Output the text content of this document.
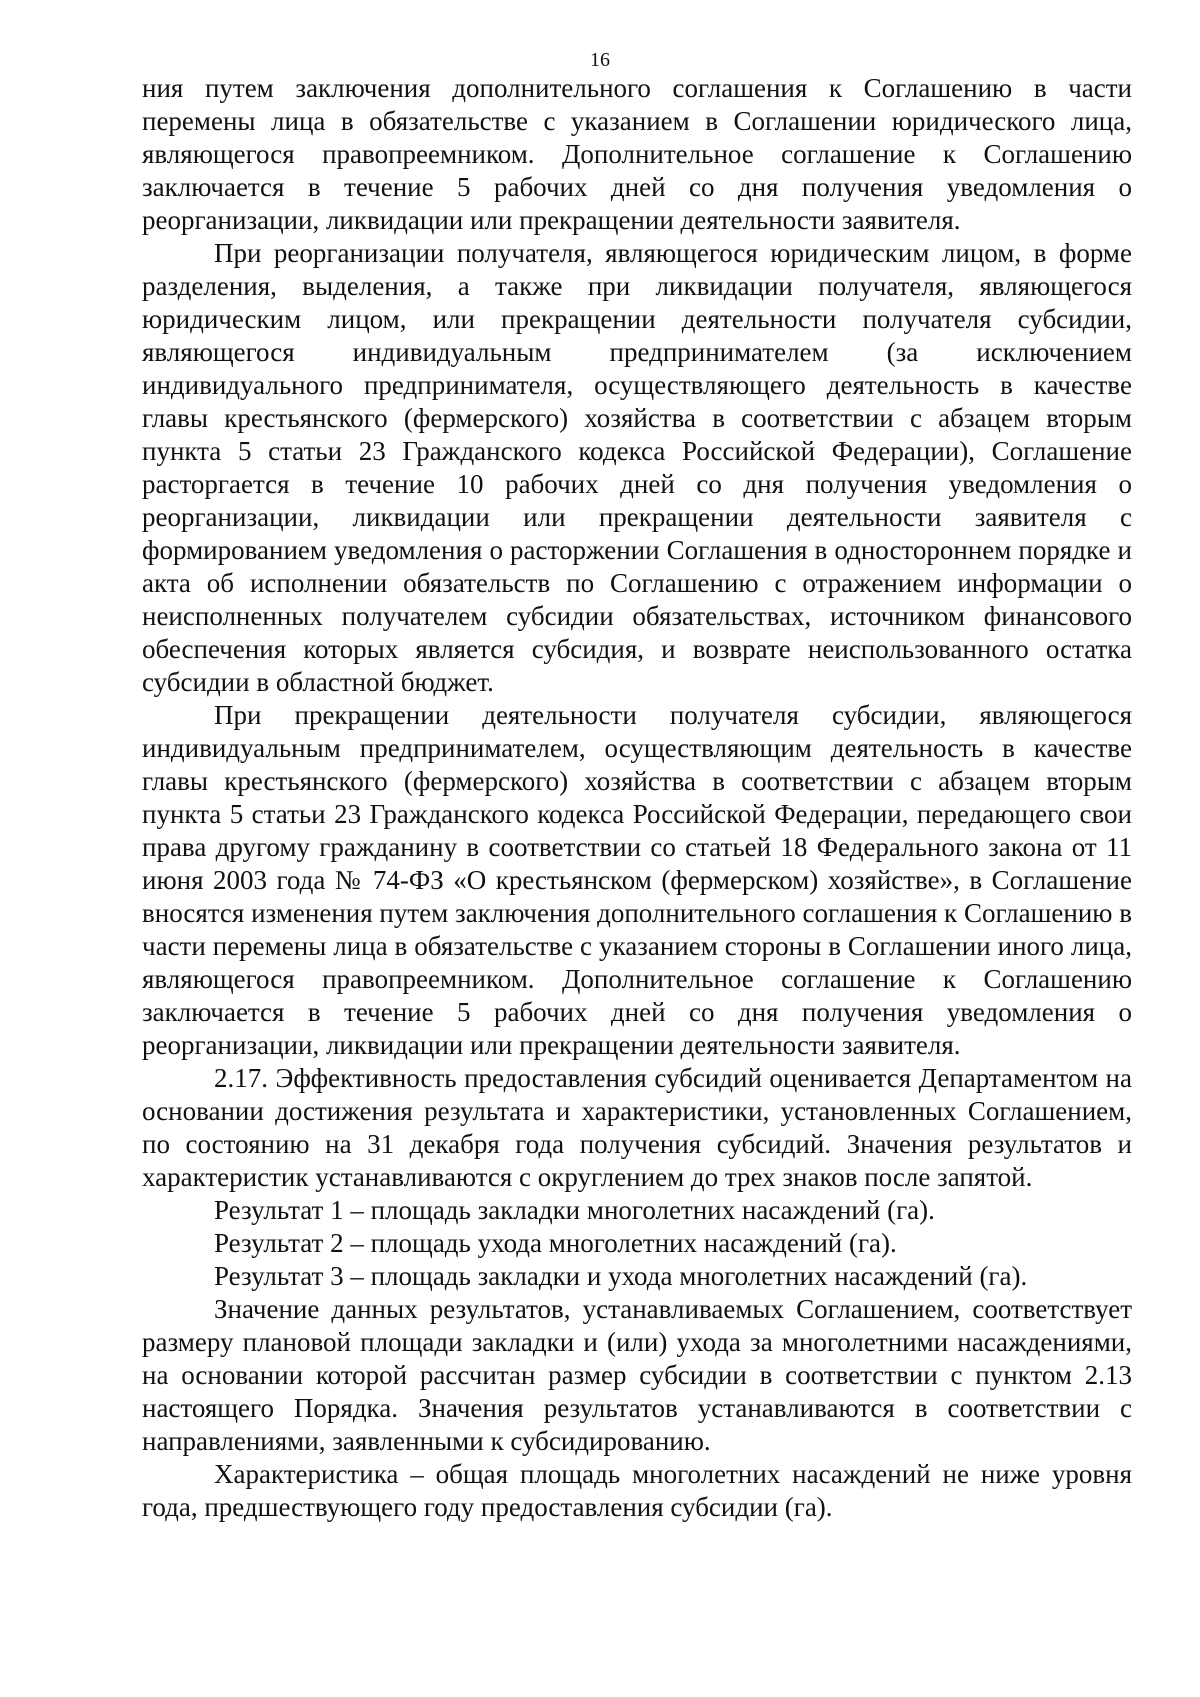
16

ния путем заключения дополнительного соглашения к Соглашению в части перемены лица в обязательстве с указанием в Соглашении юридического лица, являющегося правопреемником. Дополнительное соглашение к Соглашению заключается в течение 5 рабочих дней со дня получения уведомления о реорганизации, ликвидации или прекращении деятельности заявителя.

При реорганизации получателя, являющегося юридическим лицом, в форме разделения, выделения, а также при ликвидации получателя, являющегося юридическим лицом, или прекращении деятельности получателя субсидии, являющегося индивидуальным предпринимателем (за исключением индивидуального предпринимателя, осуществляющего деятельность в качестве главы крестьянского (фермерского) хозяйства в соответствии с абзацем вторым пункта 5 статьи 23 Гражданского кодекса Российской Федерации), Соглашение расторгается в течение 10 рабочих дней со дня получения уведомления о реорганизации, ликвидации или прекращении деятельности заявителя с формированием уведомления о расторжении Соглашения в одностороннем порядке и акта об исполнении обязательств по Соглашению с отражением информации о неисполненных получателем субсидии обязательствах, источником финансового обеспечения которых является субсидия, и возврате неиспользованного остатка субсидии в областной бюджет.

При прекращении деятельности получателя субсидии, являющегося индивидуальным предпринимателем, осуществляющим деятельность в качестве главы крестьянского (фермерского) хозяйства в соответствии с абзацем вторым пункта 5 статьи 23 Гражданского кодекса Российской Федерации, передающего свои права другому гражданину в соответствии со статьей 18 Федерального закона от 11 июня 2003 года № 74-ФЗ «О крестьянском (фермерском) хозяйстве», в Соглашение вносятся изменения путем заключения дополнительного соглашения к Соглашению в части перемены лица в обязательстве с указанием стороны в Соглашении иного лица, являющегося правопреемником. Дополнительное соглашение к Соглашению заключается в течение 5 рабочих дней со дня получения уведомления о реорганизации, ликвидации или прекращении деятельности заявителя.

2.17. Эффективность предоставления субсидий оценивается Департаментом на основании достижения результата и характеристики, установленных Соглашением, по состоянию на 31 декабря года получения субсидий. Значения результатов и характеристик устанавливаются с округлением до трех знаков после запятой.

Результат 1 – площадь закладки многолетних насаждений (га).

Результат 2 – площадь ухода многолетних насаждений (га).

Результат 3 – площадь закладки и ухода многолетних насаждений (га).

Значение данных результатов, устанавливаемых Соглашением, соответствует размеру плановой площади закладки и (или) ухода за многолетними насаждениями, на основании которой рассчитан размер субсидии в соответствии с пунктом 2.13 настоящего Порядка. Значения результатов устанавливаются в соответствии с направлениями, заявленными к субсидированию.

Характеристика – общая площадь многолетних насаждений не ниже уровня года, предшествующего году предоставления субсидии (га).
